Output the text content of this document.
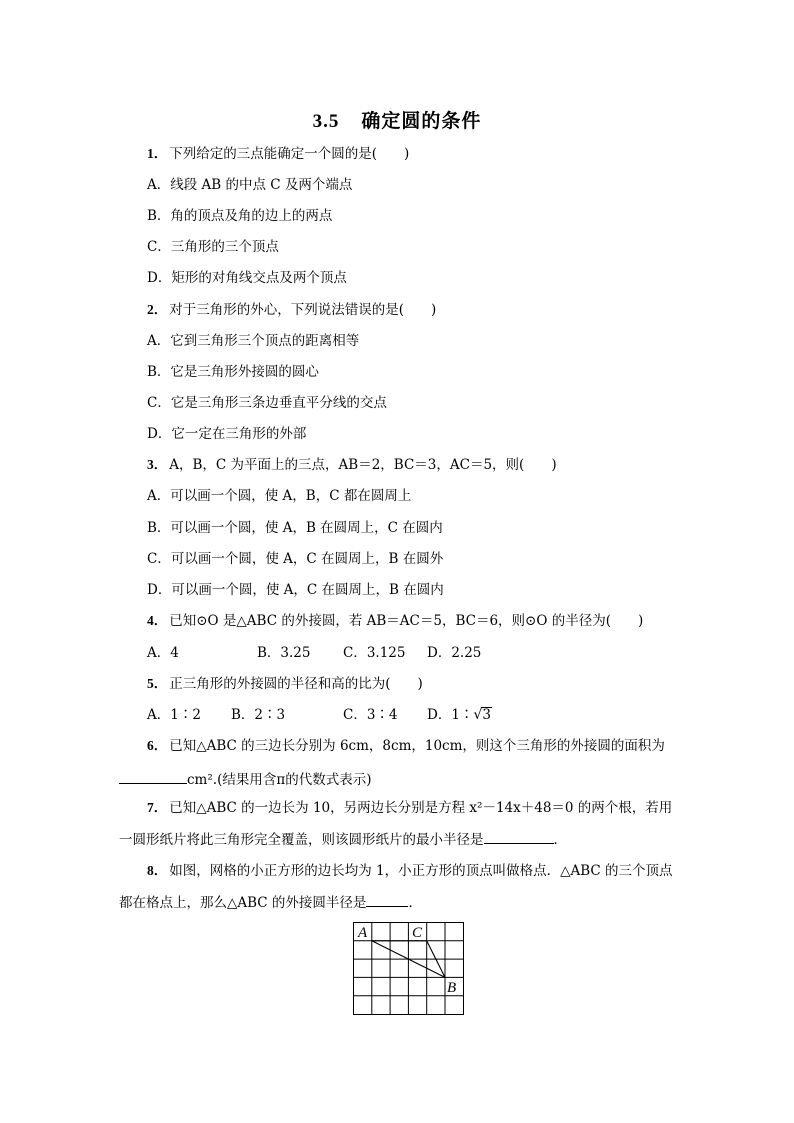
3.5 确定圆的条件
1． 下列给定的三点能确定一个圆的是(　　)
A．线段 AB 的中点 C 及两个端点
B．角的顶点及角的边上的两点
C．三角形的三个顶点
D．矩形的对角线交点及两个顶点
2． 对于三角形的外心，下列说法错误的是(　　)
A．它到三角形三个顶点的距离相等
B．它是三角形外接圆的圆心
C．它是三角形三条边垂直平分线的交点
D．它一定在三角形的外部
3． A，B，C 为平面上的三点，AB＝2，BC＝3，AC＝5，则(　　)
A．可以画一个圆，使 A，B，C 都在圆周上
B．可以画一个圆，使 A，B 在圆周上，C 在圆内
C．可以画一个圆，使 A，C 在圆周上，B 在圆外
D．可以画一个圆，使 A，C 在圆周上，B 在圆内
4． 已知⊙O 是△ABC 的外接圆，若 AB＝AC＝5，BC＝6，则⊙O 的半径为(　　)
A．4	B．3.25 C．3.125 D．2.25
5． 正三角形的外接圆的半径和高的比为(　　)
A．1∶2 B．2∶3	C．3∶4 D．1∶√3
6． 已知△ABC 的三边长分别为 6cm，8cm，10cm，则这个三角形的外接圆的面积为
cm².(结果用含π的代数式表示)
7． 已知△ABC 的一边长为 10，另两边长分别是方程 x²－14x＋48＝0 的两个根，若用一圆形纸片将此三角形完全覆盖，则该圆形纸片的最小半径是	．
8． 如图，网格的小正方形的边长均为 1，小正方形的顶点叫做格点．△ABC 的三个顶点都在格点上，那么△ABC 的外接圆半径是	．
A	C
B
